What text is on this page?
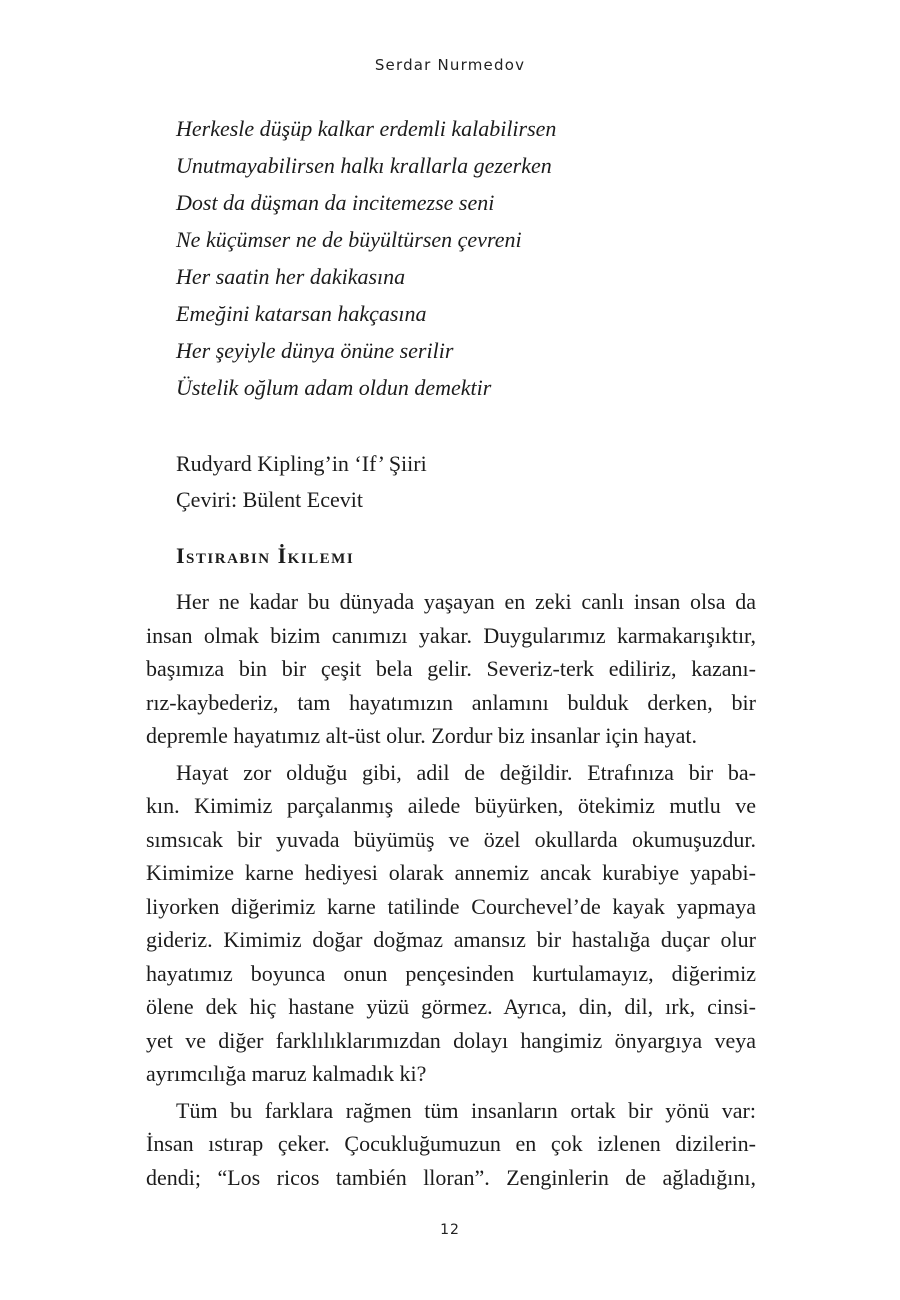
Serdar Nurmedov
Herkesle düşüp kalkar erdemli kalabilirsen
Unutmayabilirsen halkı krallarla gezerken
Dost da düşman da incitemezse seni
Ne küçümser ne de büyültürsen çevreni
Her saatin her dakikasına
Emeğini katarsan hakçasına
Her şeyiyle dünya önüne serilir
Üstelik oğlum adam oldun demektir
Rudyard Kipling’in ‘If’ Şiiri
Çeviri: Bülent Ecevit
Istırabın İkilemi
Her ne kadar bu dünyada yaşayan en zeki canlı insan olsa da
insan olmak bizim canımızı yakar. Duygularımız karmakarışıktır,
başımıza bin bir çeşit bela gelir. Severiz-terk ediliriz, kazanı-
rız-kaybederiz, tam hayatımızın anlamını bulduk derken, bir
depremle hayatımız alt-üst olur. Zordur biz insanlar için hayat.
Hayat zor olduğu gibi, adil de değildir. Etrafınıza bir ba-
kın. Kimimiz parçalanmış ailede büyürken, ötekimiz mutlu ve
sımsıcak bir yuvada büyümüş ve özel okullarda okumuşuzdur.
Kimimize karne hediyesi olarak annemiz ancak kurabiye yapabi-
liyorken diğerimiz karne tatilinde Courchevel’de kayak yapmaya
gideriz. Kimimiz doğar doğmaz amansız bir hastalığa duçar olur
hayatımız boyunca onun pençesinden kurtulamayız, diğerimiz
ölene dek hiç hastane yüzü görmez. Ayrıca, din, dil, ırk, cinsi-
yet ve diğer farklılıklarımızdan dolayı hangimiz önyargıya veya
ayrımcılığa maruz kalmadık ki?
Tüm bu farklara rağmen tüm insanların ortak bir yönü var:
İnsan ıstırap çeker. Çocukluğumuzun en çok izlenen dizilerin-
dendi; “Los ricos también lloran”. Zenginlerin de ağladığını,
12
